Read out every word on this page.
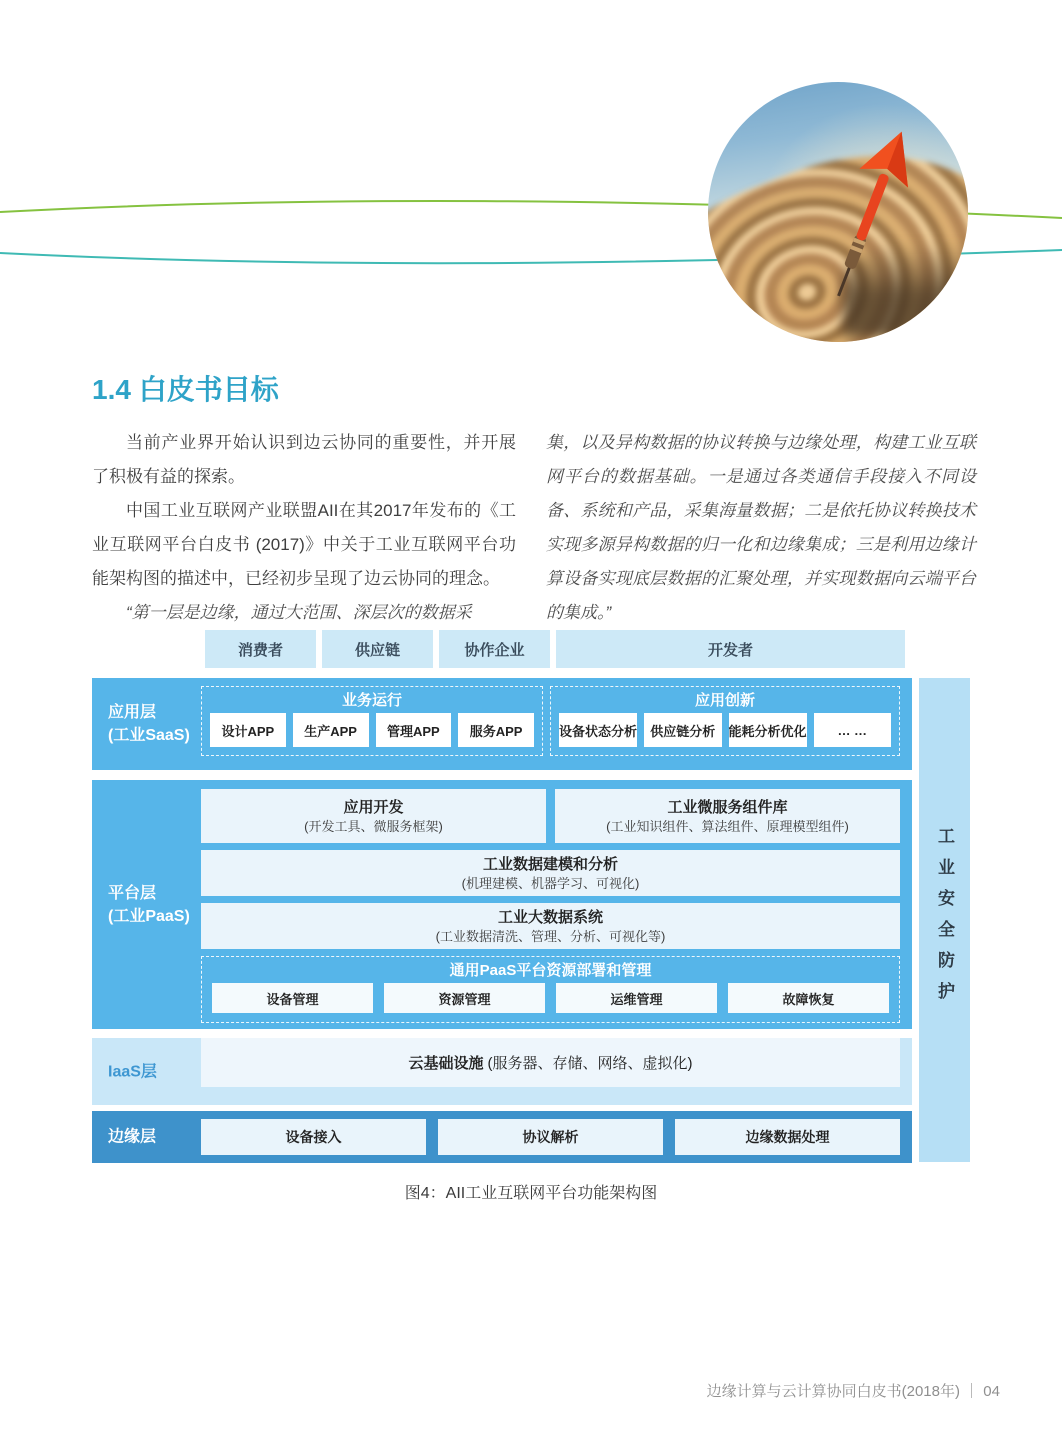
1.4 白皮书目标

当前产业界开始认识到边云协同的重要性，并开展了积极有益的探索。

中国工业互联网产业联盟AII在其2017年发布的《工业互联网平台白皮书 (2017)》中关于工业互联网平台功能架构图的描述中，已经初步呈现了边云协同的理念。

“第一层是边缘，通过大范围、深层次的数据采

集，以及异构数据的协议转换与边缘处理，构建工业互联网平台的数据基础。一是通过各类通信手段接入不同设备、系统和产品，采集海量数据；二是依托协议转换技术实现多源异构数据的归一化和边缘集成；三是利用边缘计算设备实现底层数据的汇聚处理，并实现数据向云端平台的集成。”

消费者	供应链	协作企业	开发者
应用层
(工业SaaS)
业务运行
设计APP	生产APP	管理APP	服务APP
应用创新
设备状态分析	供应链分析	能耗分析优化	… …
平台层
(工业PaaS)
应用开发
(开发工具、微服务框架)
工业微服务组件库
(工业知识组件、算法组件、原理模型组件)
工业数据建模和分析
(机理建模、机器学习、可视化)
工业大数据系统
(工业数据清洗、管理、分析、可视化等)
通用PaaS平台资源部署和管理
设备管理	资源管理	运维管理	故障恢复
IaaS层	云基础设施 (服务器、存储、网络、虚拟化)
边缘层	设备接入	协议解析	边缘数据处理
工业安全防护
图4：AII工业互联网平台功能架构图
边缘计算与云计算协同白皮书(2018年) ｜ 04
